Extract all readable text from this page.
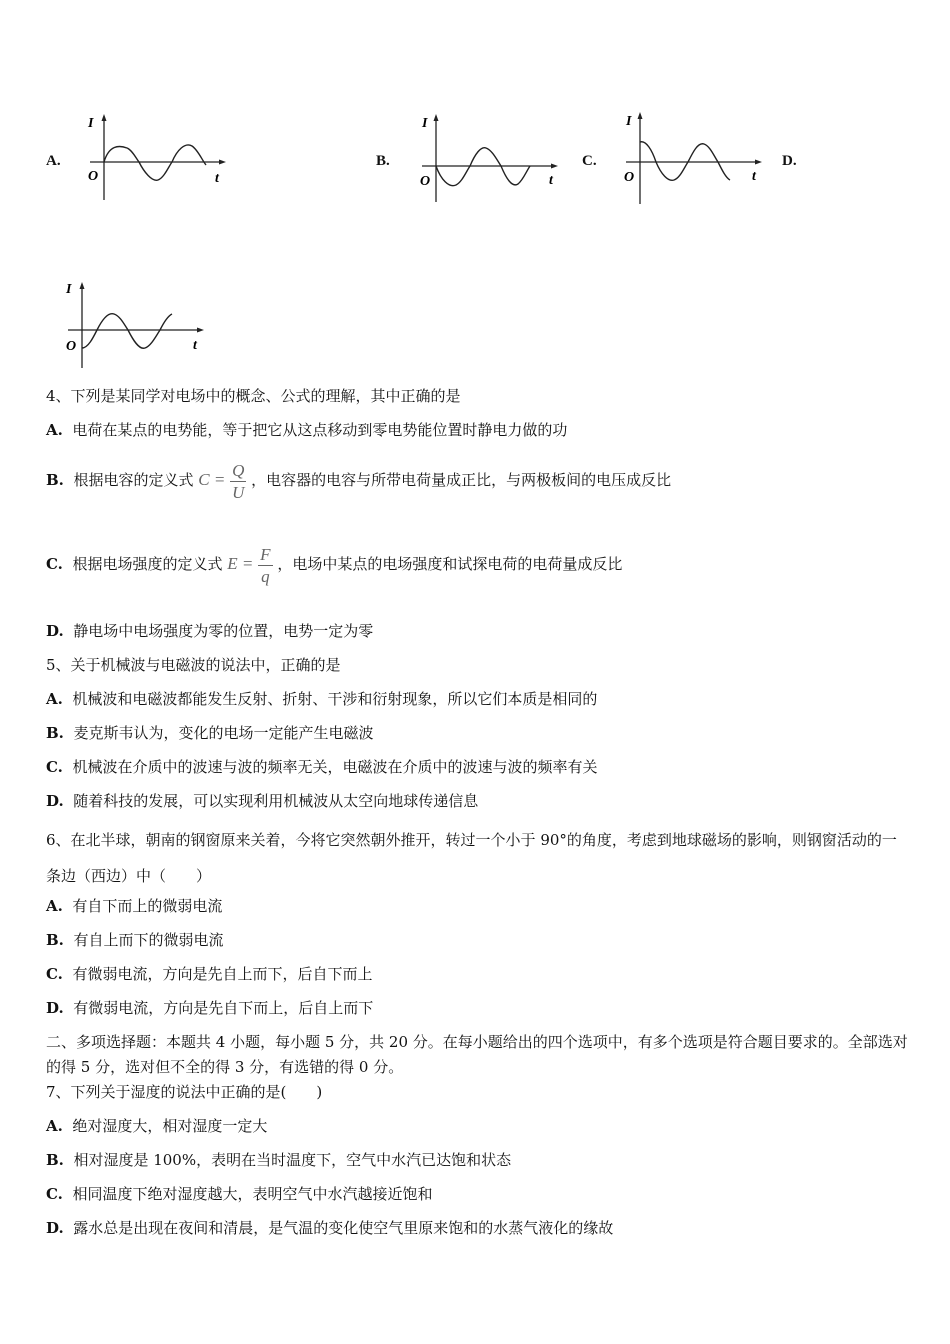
A.	B.	C.	D.
I
O	t
I
O	t
I
O	t
I
O	t
4、下列是某同学对电场中的概念、公式的理解，其中正确的是
A. 电荷在某点的电势能，等于把它从这点移动到零电势能位置时静电力做的功
B. 根据电容的定义式 $C = \frac{Q}{U}$ ，电容器的电容与所带电荷量成正比，与两极板间的电压成反比
C. 根据电场强度的定义式 $E = \frac{F}{q}$ ，电场中某点的电场强度和试探电荷的电荷量成反比
D. 静电场中电场强度为零的位置，电势一定为零
5、关于机械波与电磁波的说法中，正确的是
A. 机械波和电磁波都能发生反射、折射、干涉和衍射现象，所以它们本质是相同的
B. 麦克斯韦认为，变化的电场一定能产生电磁波
C. 机械波在介质中的波速与波的频率无关，电磁波在介质中的波速与波的频率有关
D. 随着科技的发展，可以实现利用机械波从太空向地球传递信息
6、在北半球，朝南的钢窗原来关着，今将它突然朝外推开，转过一个小于 90°的角度，考虑到地球磁场的影响，则钢窗活动的一条边（西边）中（　　）
A. 有自下而上的微弱电流
B. 有自上而下的微弱电流
C. 有微弱电流，方向是先自上而下，后自下而上
D. 有微弱电流，方向是先自下而上，后自上而下
二、多项选择题：本题共 4 小题，每小题 5 分，共 20 分。在每小题给出的四个选项中，有多个选项是符合题目要求的。全部选对的得 5 分，选对但不全的得 3 分，有选错的得 0 分。
7、下列关于湿度的说法中正确的是(　　)
A. 绝对湿度大，相对湿度一定大
B. 相对湿度是 100%，表明在当时温度下，空气中水汽已达饱和状态
C. 相同温度下绝对湿度越大，表明空气中水汽越接近饱和
D. 露水总是出现在夜间和清晨，是气温的变化使空气里原来饱和的水蒸气液化的缘故
